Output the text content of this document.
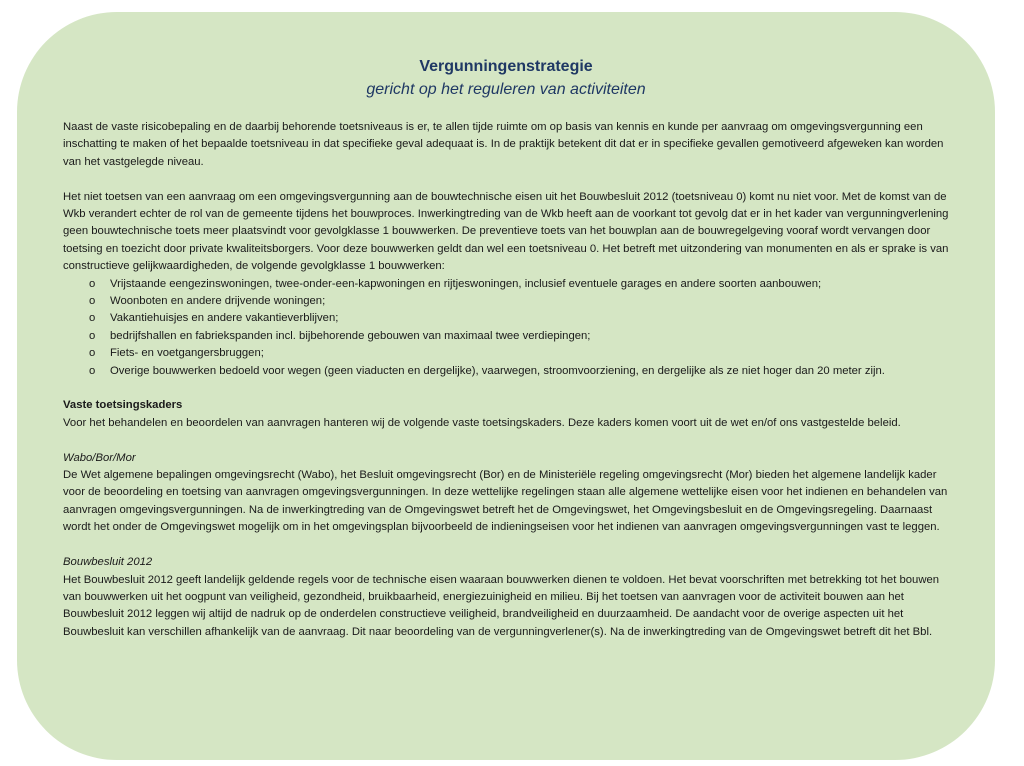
Vergunningenstrategie
gericht op het reguleren van activiteiten

Naast de vaste risicobepaling en de daarbij behorende toetsniveaus is er, te allen tijde ruimte om op basis van kennis en kunde per aanvraag om omgevingsvergunning een inschatting te maken of het bepaalde toetsniveau in dat specifieke geval adequaat is. In de praktijk betekent dit dat er in specifieke gevallen gemotiveerd afgeweken kan worden van het vastgelegde niveau.

Het niet toetsen van een aanvraag om een omgevingsvergunning aan de bouwtechnische eisen uit het Bouwbesluit 2012 (toetsniveau 0) komt nu niet voor. Met de komst van de Wkb verandert echter de rol van de gemeente tijdens het bouwproces. Inwerkingtreding van de Wkb heeft aan de voorkant tot gevolg dat er in het kader van vergunningverlening geen bouwtechnische toets meer plaatsvindt voor gevolgklasse 1 bouwwerken. De preventieve toets van het bouwplan aan de bouwregelgeving vooraf wordt vervangen door toetsing en toezicht door private kwaliteitsborgers. Voor deze bouwwerken geldt dan wel een toetsniveau 0. Het betreft met uitzondering van monumenten en als er sprake is van constructieve gelijkwaardigheden, de volgende gevolgklasse 1 bouwwerken:

o Vrijstaande eengezinswoningen, twee-onder-een-kapwoningen en rijtjeswoningen, inclusief eventuele garages en andere soorten aanbouwen;
o Woonboten en andere drijvende woningen;
o Vakantiehuisjes en andere vakantieverblijven;
o bedrijfshallen en fabriekspanden incl. bijbehorende gebouwen van maximaal twee verdiepingen;
o Fiets- en voetgangersbruggen;
o Overige bouwwerken bedoeld voor wegen (geen viaducten en dergelijke), vaarwegen, stroomvoorziening, en dergelijke als ze niet hoger dan 20 meter zijn.

Vaste toetsingskaders

Voor het behandelen en beoordelen van aanvragen hanteren wij de volgende vaste toetsingskaders. Deze kaders komen voort uit de wet en/of ons vastgestelde beleid.

Wabo/Bor/Mor

De Wet algemene bepalingen omgevingsrecht (Wabo), het Besluit omgevingsrecht (Bor) en de Ministeriële regeling omgevingsrecht (Mor) bieden het algemene landelijk kader voor de beoordeling en toetsing van aanvragen omgevingsvergunningen. In deze wettelijke regelingen staan alle algemene wettelijke eisen voor het indienen en behandelen van aanvragen omgevingsvergunningen. Na de inwerkingtreding van de Omgevingswet betreft het de Omgevingswet, het Omgevingsbesluit en de Omgevingsregeling. Daarnaast wordt het onder de Omgevingswet mogelijk om in het omgevingsplan bijvoorbeeld de indieningseisen voor het indienen van aanvragen omgevingsvergunningen vast te leggen.

Bouwbesluit 2012

Het Bouwbesluit 2012 geeft landelijk geldende regels voor de technische eisen waaraan bouwwerken dienen te voldoen. Het bevat voorschriften met betrekking tot het bouwen van bouwwerken uit het oogpunt van veiligheid, gezondheid, bruikbaarheid, energiezuinigheid en milieu. Bij het toetsen van aanvragen voor de activiteit bouwen aan het Bouwbesluit 2012 leggen wij altijd de nadruk op de onderdelen constructieve veiligheid, brandveiligheid en duurzaamheid. De aandacht voor de overige aspecten uit het Bouwbesluit kan verschillen afhankelijk van de aanvraag. Dit naar beoordeling van de vergunningverlener(s). Na de inwerkingtreding van de Omgevingswet betreft dit het Bbl.
